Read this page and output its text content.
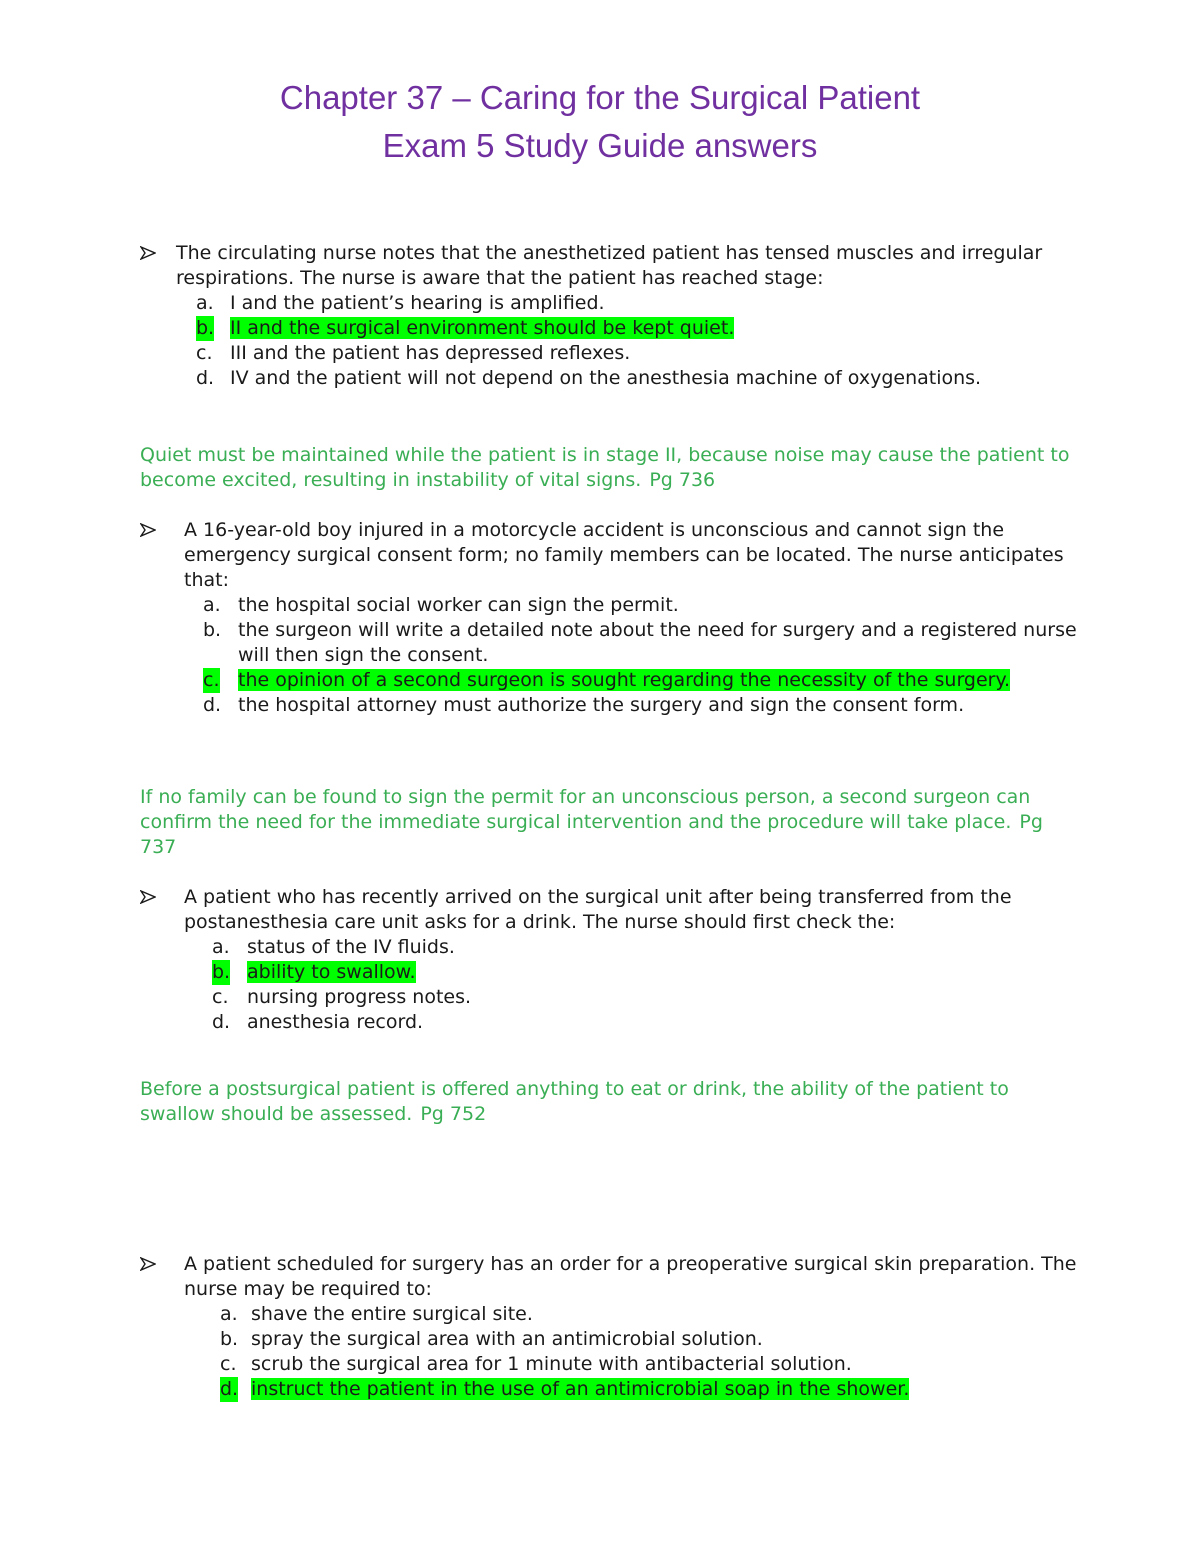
Chapter 37 – Caring for the Surgical Patient
Exam 5 Study Guide answers
The circulating nurse notes that the anesthetized patient has tensed muscles and irregular respirations. The nurse is aware that the patient has reached stage:
a. I and the patient’s hearing is amplified.
b. II and the surgical environment should be kept quiet.
c. III and the patient has depressed reflexes.
d. IV and the patient will not depend on the anesthesia machine of oxygenations.
Quiet must be maintained while the patient is in stage II, because noise may cause the patient to become excited, resulting in instability of vital signs. Pg 736
A 16-year-old boy injured in a motorcycle accident is unconscious and cannot sign the emergency surgical consent form; no family members can be located. The nurse anticipates that:
a. the hospital social worker can sign the permit.
b. the surgeon will write a detailed note about the need for surgery and a registered nurse will then sign the consent.
c. the opinion of a second surgeon is sought regarding the necessity of the surgery.
d. the hospital attorney must authorize the surgery and sign the consent form.
If no family can be found to sign the permit for an unconscious person, a second surgeon can confirm the need for the immediate surgical intervention and the procedure will take place. Pg 737
A patient who has recently arrived on the surgical unit after being transferred from the postanesthesia care unit asks for a drink. The nurse should first check the:
a. status of the IV fluids.
b. ability to swallow.
c. nursing progress notes.
d. anesthesia record.
Before a postsurgical patient is offered anything to eat or drink, the ability of the patient to swallow should be assessed. Pg 752
A patient scheduled for surgery has an order for a preoperative surgical skin preparation. The nurse may be required to:
a. shave the entire surgical site.
b. spray the surgical area with an antimicrobial solution.
c. scrub the surgical area for 1 minute with antibacterial solution.
d. instruct the patient in the use of an antimicrobial soap in the shower.
